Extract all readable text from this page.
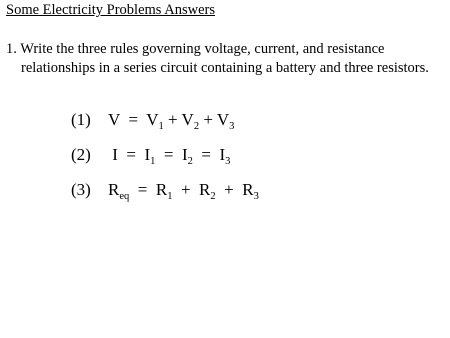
Some Electricity Problems Answers
1. Write the three rules governing voltage, current, and resistance
relationships in a series circuit containing a battery and three resistors.
(1) $V = V_1 + V_2 + V_3$
(2) $I = I_1 = I_2 = I_3$
(3) $R_{eq} = R_1 + R_2 + R_3$
